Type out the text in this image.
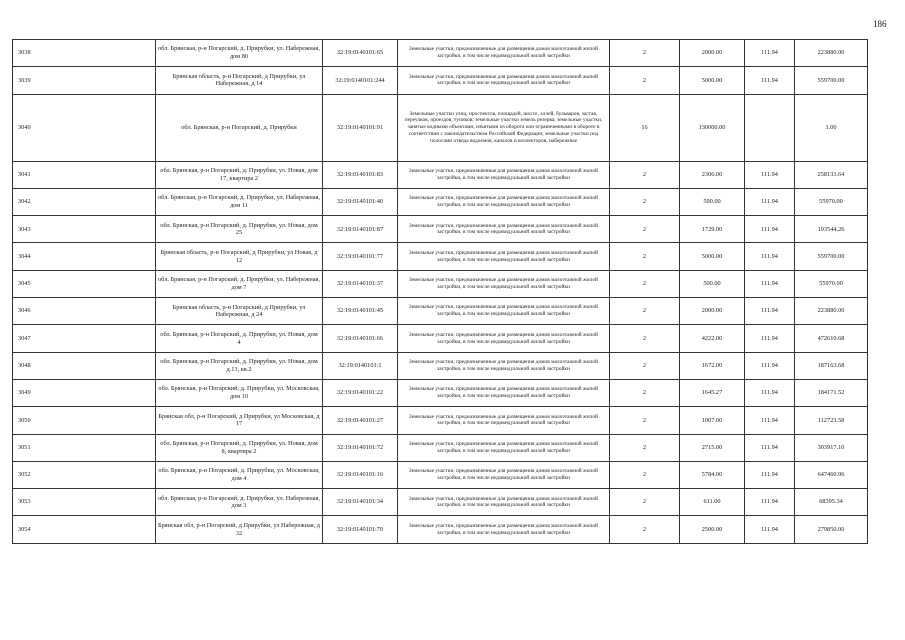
186
3038	обл. Брянская, р-н Погарский, д. Прирубки, ул. Набережная, дом 80	32:19:0140101:65	Земельные участки, предназначенные для размещения домов малоэтажной жилой застройки, в том числе индивидуальной жилой застройки	2	2000.00	111.94	223880.00
3039	Брянская область, р-н Погарский, д Прирубки, ул Набережная, д 14	32:19:0140101:244	Земельные участки, предназначенные для размещения домов малоэтажной жилой застройки, в том числе индивидуальной жилой застройки	2	5000.00	111.94	559700.00
3040	обл. Брянская, р-н Погарский, д. Прирубки	32:19:0140101:91	Земельные участки улиц, проспектов, площадей, шоссе, аллей, бульваров, застав, переулков, проездов, тупиков; земельные участки земель резерва; земельные участки, занятые водными объектами, изъятыми из оборота или ограниченными в обороте в соответствии с законодательством Российской Федерации; земельные участки под полосами отвода водоемов, каналов и коллекторов, набережные	16	130000.00		1.00
3041	обл. Брянская, р-н Погарский, д. Прирубки, ул. Новая, дом 17, квартира 2	32:19:0140101:83	Земельные участки, предназначенные для размещения домов малоэтажной жилой застройки, в том числе индивидуальной жилой застройки	2	2306.00	111.94	258133.64
3042	обл. Брянская, р-н Погарский, д. Прирубки, ул. Набережная, дом 11	32:19:0140101:40	Земельные участки, предназначенные для размещения домов малоэтажной жилой застройки, в том числе индивидуальной жилой застройки	2	500.00	111.94	55970.00
3043	обл. Брянская, р-н Погарский, д. Прирубки, ул. Новая, дом 25	32:19:0140101:87	Земельные участки, предназначенные для размещения домов малоэтажной жилой застройки, в том числе индивидуальной жилой застройки	2	1729.00	111.94	193544.26
3044	Брянская область, р-н Погарский, д Прирубки, ул Новая, д 12	32:19:0140101:77	Земельные участки, предназначенные для размещения домов малоэтажной жилой застройки, в том числе индивидуальной жилой застройки	2	5000.00	111.94	559700.00
3045	обл. Брянская, р-н Погарский, д. Прирубки, ул. Набережная, дом 7	32:19:0140101:37	Земельные участки, предназначенные для размещения домов малоэтажной жилой застройки, в том числе индивидуальной жилой застройки	2	500.00	111.94	55970.00
3046	Брянская область, р-н Погарский, д Прирубки, ул Набережная, д 24	32:19:0140101:45	Земельные участки, предназначенные для размещения домов малоэтажной жилой застройки, в том числе индивидуальной жилой застройки	2	2000.00	111.94	223880.00
3047	обл. Брянская, р-н Погарский, д. Прирубки, ул. Новая, дом 4	32:19:0140101:66	Земельные участки, предназначенные для размещения домов малоэтажной жилой застройки, в том числе индивидуальной жилой застройки	2	4222.00	111.94	472610.68
3048	обл. Брянская, р-н Погарский, д. Прирубки, ул. Новая, дом д.13, кв.2	32:19:0140101:1	Земельные участки, предназначенные для размещения домов малоэтажной жилой застройки, в том числе индивидуальной жилой застройки	2	1672.00	111.94	187163.68
3049	обл. Брянская, р-н Погарский, д. Прирубки, ул. Московская, дом 10	32:19:0140101:22	Земельные участки, предназначенные для размещения домов малоэтажной жилой застройки, в том числе индивидуальной жилой застройки	2	1645.27	111.94	184171.52
3050	Брянская обл, р-н Погарский, д Прирубки, ул Московская, д 17	32:19:0140101:27	Земельные участки, предназначенные для размещения домов малоэтажной жилой застройки, в том числе индивидуальной жилой застройки	2	1007.00	111.94	112723.58
3051	обл. Брянская, р-н Погарский, д. Прирубки, ул. Новая, дом 8, квартира 2	32:19:0140101:72	Земельные участки, предназначенные для размещения домов малоэтажной жилой застройки, в том числе индивидуальной жилой застройки	2	2715.00	111.94	303917.10
3052	обл. Брянская, р-н Погарский, д. Прирубки, ул. Московская, дом 4	32:19:0140101:16	Земельные участки, предназначенные для размещения домов малоэтажной жилой застройки, в том числе индивидуальной жилой застройки	2	5784.00	111.94	647460.96
3053	обл. Брянская, р-н Погарский, д. Прирубки, ул. Набережная, дом 3	32:19:0140101:34	Земельные участки, предназначенные для размещения домов малоэтажной жилой застройки, в том числе индивидуальной жилой застройки	2	611.00	111.94	68395.34
3054	Брянская обл, р-н Погарский, д Прирубки, ул Набережная, д 32	32:19:0140101:70	Земельные участки, предназначенные для размещения домов малоэтажной жилой застройки, в том числе индивидуальной жилой застройки	2	2500.00	111.94	279850.00
